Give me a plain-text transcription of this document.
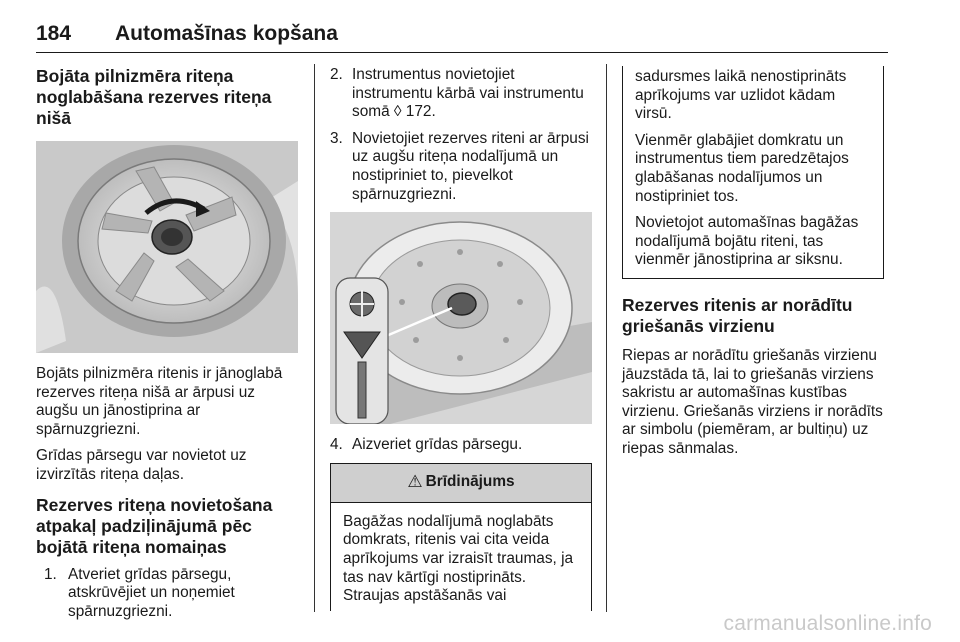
184 Automašīnas kopšana
Bojāta pilnizmēra riteņa noglabāšana rezerves riteņa nišā

Bojāts pilnizmēra ritenis ir jānoglabā rezerves riteņa nišā ar ārpusi uz augšu un jānostiprina ar spārnuzgriezni.

Grīdas pārsegu var novietot uz izvirzītās riteņa daļas.

Rezerves riteņa novietošana atpakaļ padziļinājumā pēc bojātā riteņa nomaiņas
1. Atveriet grīdas pārsegu, atskrūvējiet un noņemiet spārnuzgriezni.
2. Instrumentus novietojiet instrumentu kārbā vai instrumentu somā ◊ 172.
3. Novietojiet rezerves riteni ar ārpusi uz augšu riteņa nodalījumā un nostipriniet to, pievelkot spārnuzgriezni.
4. Aizveriet grīdas pārsegu.
⚠ Brīdinājums
Bagāžas nodalījumā noglabāts domkrats, ritenis vai cita veida aprīkojums var izraisīt traumas, ja tas nav kārtīgi nostiprināts. Straujas apstāšanās vai

sadursmes laikā nenostiprināts aprīkojums var uzlidot kādam virsū.

Vienmēr glabājiet domkratu un instrumentus tiem paredzētajos glabāšanas nodalījumos un nostipriniet tos.

Novietojot automašīnas bagāžas nodalījumā bojātu riteni, tas vienmēr jānostiprina ar siksnu.

Rezerves ritenis ar norādītu griešanās virzienu

Riepas ar norādītu griešanās virzienu jāuzstāda tā, lai to griešanās virziens sakristu ar automašīnas kustības virzienu. Griešanās virziens ir norādīts ar simbolu (piemēram, ar bultiņu) uz riepas sānmalas.

carmanualsonline.info
